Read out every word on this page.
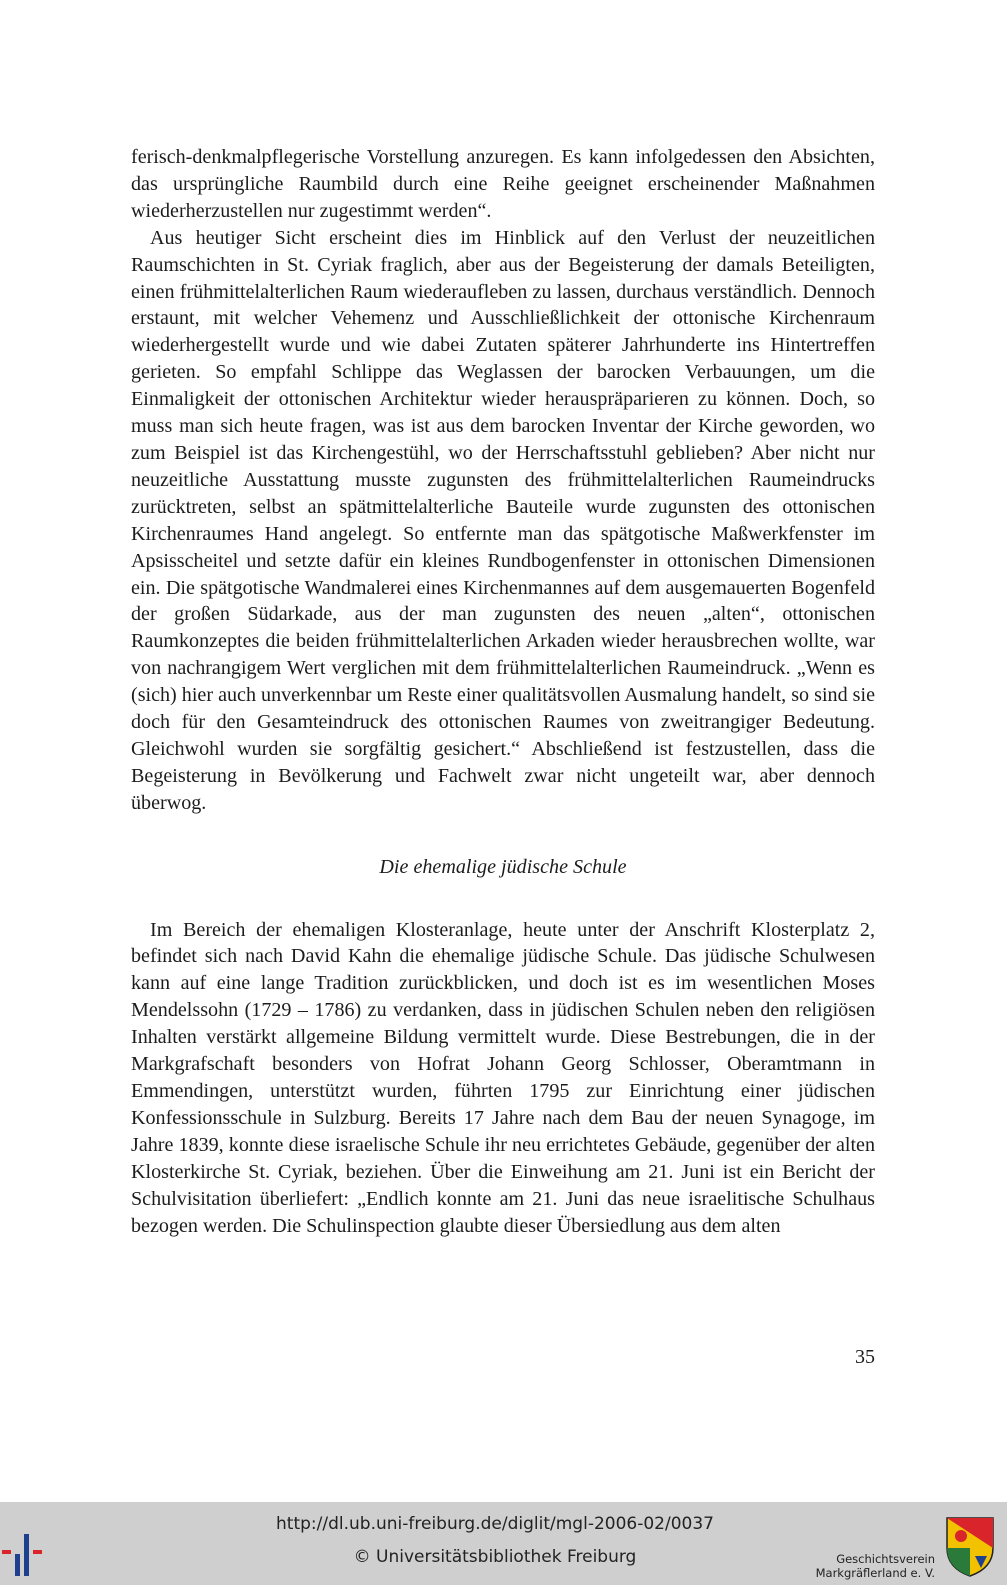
ferisch-denkmalpflegerische Vorstellung anzuregen. Es kann infolgedessen den Absichten, das ursprüngliche Raumbild durch eine Reihe geeignet erscheinender Maßnahmen wiederherzustellen nur zugestimmt werden“.

Aus heutiger Sicht erscheint dies im Hinblick auf den Verlust der neuzeitlichen Raumschichten in St. Cyriak fraglich, aber aus der Begeisterung der damals Beteiligten, einen frühmittelalterlichen Raum wiederaufleben zu lassen, durchaus verständlich. Dennoch erstaunt, mit welcher Vehemenz und Ausschließlichkeit der ottonische Kirchenraum wiederhergestellt wurde und wie dabei Zutaten späterer Jahrhunderte ins Hintertreffen gerieten. So empfahl Schlippe das Weglassen der barocken Verbauungen, um die Einmaligkeit der ottonischen Architektur wieder herauspräparieren zu können. Doch, so muss man sich heute fragen, was ist aus dem barocken Inventar der Kirche geworden, wo zum Beispiel ist das Kirchengestühl, wo der Herrschaftsstuhl geblieben? Aber nicht nur neuzeitliche Ausstattung musste zugunsten des frühmittelalterlichen Raumeindrucks zurücktreten, selbst an spätmittelalterliche Bauteile wurde zugunsten des ottonischen Kirchenraumes Hand angelegt. So entfernte man das spätgotische Maßwerkfenster im Apsisscheitel und setzte dafür ein kleines Rundbogenfenster in ottonischen Dimensionen ein. Die spätgotische Wandmalerei eines Kirchenmannes auf dem ausgemauerten Bogenfeld der großen Südarkade, aus der man zugunsten des neuen „alten“, ottonischen Raumkonzeptes die beiden frühmittelalterlichen Arkaden wieder herausbrechen wollte, war von nachrangigem Wert verglichen mit dem frühmittelalterlichen Raumeindruck. „Wenn es (sich) hier auch unverkennbar um Reste einer qualitätsvollen Ausmalung handelt, so sind sie doch für den Gesamteindruck des ottonischen Raumes von zweitrangiger Bedeutung. Gleichwohl wurden sie sorgfältig gesichert.“ Abschließend ist festzustellen, dass die Begeisterung in Bevölkerung und Fachwelt zwar nicht ungeteilt war, aber dennoch überwog.

Die ehemalige jüdische Schule

Im Bereich der ehemaligen Klosteranlage, heute unter der Anschrift Klosterplatz 2, befindet sich nach David Kahn die ehemalige jüdische Schule. Das jüdische Schulwesen kann auf eine lange Tradition zurückblicken, und doch ist es im wesentlichen Moses Mendelssohn (1729 – 1786) zu verdanken, dass in jüdischen Schulen neben den religiösen Inhalten verstärkt allgemeine Bildung vermittelt wurde. Diese Bestrebungen, die in der Markgrafschaft besonders von Hofrat Johann Georg Schlosser, Oberamtmann in Emmendingen, unterstützt wurden, führten 1795 zur Einrichtung einer jüdischen Konfessionsschule in Sulzburg. Bereits 17 Jahre nach dem Bau der neuen Synagoge, im Jahre 1839, konnte diese israelische Schule ihr neu errichtetes Gebäude, gegenüber der alten Klosterkirche St. Cyriak, beziehen. Über die Einweihung am 21. Juni ist ein Bericht der Schulvisitation überliefert: „Endlich konnte am 21. Juni das neue israelitische Schulhaus bezogen werden. Die Schulinspection glaubte dieser Übersiedlung aus dem alten

35
http://dl.ub.uni-freiburg.de/diglit/mgl-2006-02/0037
© Universitätsbibliothek Freiburg	Geschichtsverein
Markgräflerland e. V.
